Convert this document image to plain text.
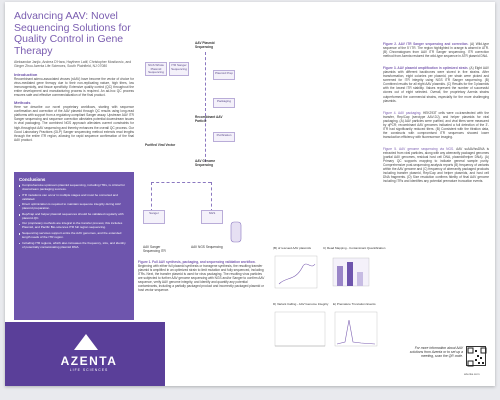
Advancing AAV: Novel Sequencing Solutions for Quality Control in Gene Therapy
Aleksandar Janjic, Andrea D'Hara, Haythem Latif, Christopher Mostizovic, and Ginger Zhou Azenta Life Sciences, South Plainfield, NJ 07080
Introduction
Recombinant adeno-associated viruses (rAAV) have become the vector of choice for virus-mediated gene therapy due to their non-replicating nature, high titres, low immunogenicity, and tissue specificity. Extensive quality control (QC) throughout the entire development and manufacturing process is required. An ad-hoc QC process ensures safe and effective commercialization of the final product.
Methods
Here we describe our novel proprietary workflows, starting with sequence confirmation and correction of the AAV plasmid through QC results using long-read platforms with support from a regulatory-compliant Sanger assay. Upstream AAV ITR Sanger sequencing and sequence correction alleviates potential downstream issues in viral packaging. The combined NGS approach alleviates current constraints for high-throughput AAV sequencing and thereby enhances the overall QC process. Our Good Laboratory Practices (GLP) Sanger sequencing method extends read lengths through the entire ITR region, allowing for rapid sequence confirmation of the final AAV product.
Conclusions
Comprehensive upstream plasmid sequencing, including ITRs, is critical for downstream packaging success.
ITR mutations can occur in multiple stages and must be corrected and validated.
Direct optimization is required to maintain sequence integrity during AAV plasmid preparation.
Rep/Cap and helper plasmid sequences should be validated regularly with plasmid-QC.
Our proprietary methods are integral to the transfer process; this includes Plasmid, and Pacific Bio-sciences ITR full region sequencing.
Sequencing services support entire the AAV genomes, and the extended length reads of the ITR region.
Including ITR regions, which also increases the frequency, size, and identity of potentially contaminating plasmid DNA.
AZENTA
LIFE SCIENCES
AAV Plasmid Sequencing
NGS Whole Plasmid Sequencing
ITR Sanger Sequencing
Plasmid Prep
Packaging
Recombinant AAV Particle
Purification
Purified Viral Vector
AAV Genome Sequencing
Sanger	NGS
AAV Sanger Sequencing ITR
AAV NGS Sequencing
Figure 1. Full AAV synthesis, packaging, and sequencing validation workflow. Beginning with either full plasmid synthesis or transgene synthesis, the resulting transfer plasmid is amplified in an optimized strain to limit mutation and fully sequenced, including ITRs. Next, the transfer plasmid is used for virus packaging. The resulting virus particles are subjected to further AAV genome sequencing with NGS and/or Sanger to confirm AAV sequence, verify AAV genome integrity, and identify and quantify any potential contaminants, including a partially packaged product and incorrectly packaged plasmid or host vector sequence.
(B) of rescued AAV plasmids	C) Read Mapping - Contaminant Quantification
D) Variant Calling - AAV Genome Integrity E) Premature Truncation Events
Figure 2. AAV ITR Sanger sequencing and correction. (A) Wild-type sequence of the 5' ITR. The region highlighted in orange is absent in ATR. (B) Chromatogram from AAV ITR Sanger sequencing. ITR correction method from Azenta restored the wild-type sequence in ATR plasmid DNA.
Figure 3. AAV plasmid amplification in optimized strain. (A) Eight AAV plasmids with different backbones were stored in five strains. After transformation, eight colonies per plasmid, per strain were picked and screened for ITR integrity using NGS ITR Sanger sequencing. (B) Combined results for all eight AAV plasmids. (C) Results for the 3 plasmids with the lowest ITR stability. Values represent the number of successful clones out of eight selected. Overall, the proprietary Azenta strains outperformed the commercial strains, especially for the more challenging plasmids.
Figure 4. AAV packaging. HEK293T cells were co-transfected with the transfer, Rep/Cap (serotype AAV-DJ), and helper plasmids for viral packaging. (A) AAV particles were purified, and viral titers were measured by qPCR; recombinant AAV genomes indicated a full detection of the 3'-ITR had significantly reduced titers. (B) Consistent with the titration data, the constructs with compromised ITR sequences showed lower transduction efficiency with fluorescence imaging.
Figure 5. AAV genome sequencing via NGS. AAV scAAV/ssDNA is extracted from viral particles, along with any aberrantly packaged genomes (partial AAV genomes, residual host cell DNA, plasmid/helper DNA). (A) Primary QC supports mapping to indicate general sample purity. Comprehensive post-sequencing analysis reports (B) frequency of variants within the AAV genome and (C) frequency of aberrantly packaged products including transfer plasmid, Rep/Cap and helper plasmids, and host cell DNA fragments. (D) Size resolution confirms fidelity of final AAV genome including ITRs and identifies any potential premature truncation events.
For more information about AAV solutions from Azenta or to set up a meeting, scan the QR code.
azenta.com
